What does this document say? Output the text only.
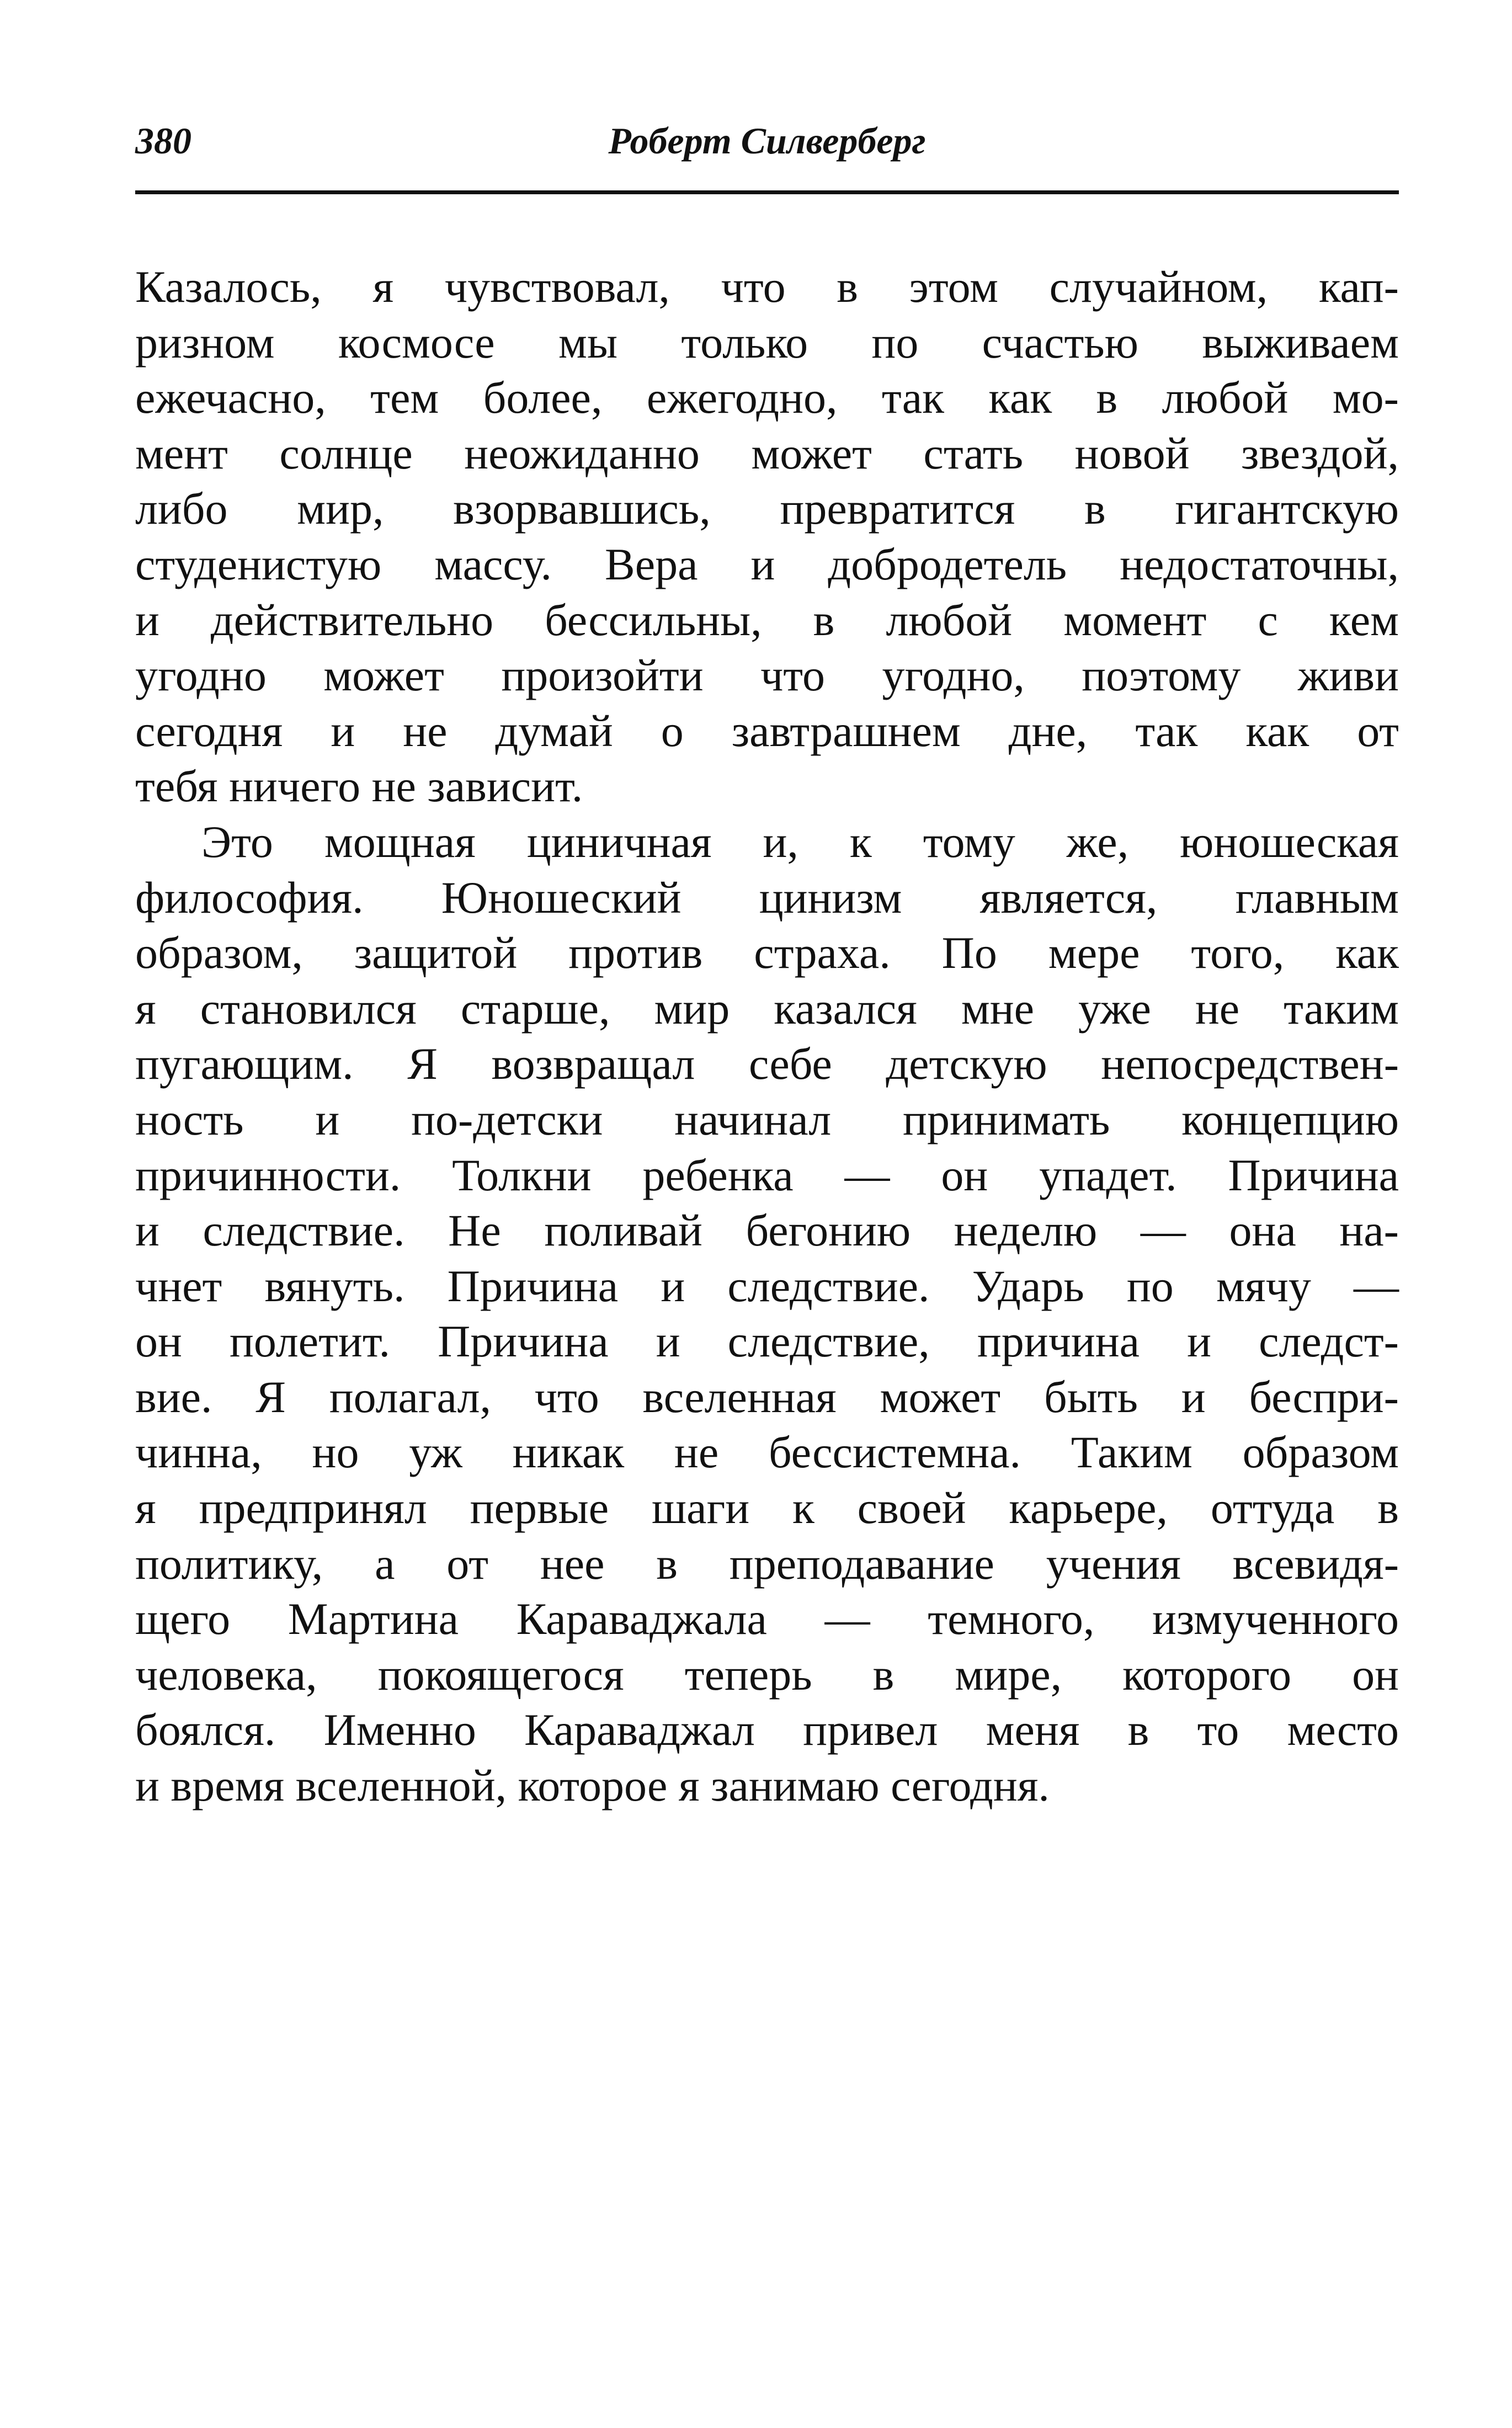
380	Роберт Силверберг
Казалось, я чувствовал, что в этом случайном, кап-
ризном космосе мы только по счастью выживаем
ежечасно, тем более, ежегодно, так как в любой мо-
мент солнце неожиданно может стать новой звездой,
либо мир, взорвавшись, превратится в гигантскую
студенистую массу. Вера и добродетель недостаточны,
и действительно бессильны, в любой момент с кем
угодно может произойти что угодно, поэтому живи
сегодня и не думай о завтрашнем дне, так как от
тебя ничего не зависит.
Это мощная циничная и, к тому же, юношеская
философия. Юношеский цинизм является, главным
образом, защитой против страха. По мере того, как
я становился старше, мир казался мне уже не таким
пугающим. Я возвращал себе детскую непосредствен-
ность и по-детски начинал принимать концепцию
причинности. Толкни ребенка — он упадет. Причина
и следствие. Не поливай бегонию неделю — она на-
чнет вянуть. Причина и следствие. Ударь по мячу —
он полетит. Причина и следствие, причина и следст-
вие. Я полагал, что вселенная может быть и беспри-
чинна, но уж никак не бессистемна. Таким образом
я предпринял первые шаги к своей карьере, оттуда в
политику, а от нее в преподавание учения всевидя-
щего Мартина Караваджала — темного, измученного
человека, покоящегося теперь в мире, которого он
боялся. Именно Караваджал привел меня в то место
и время вселенной, которое я занимаю сегодня.
